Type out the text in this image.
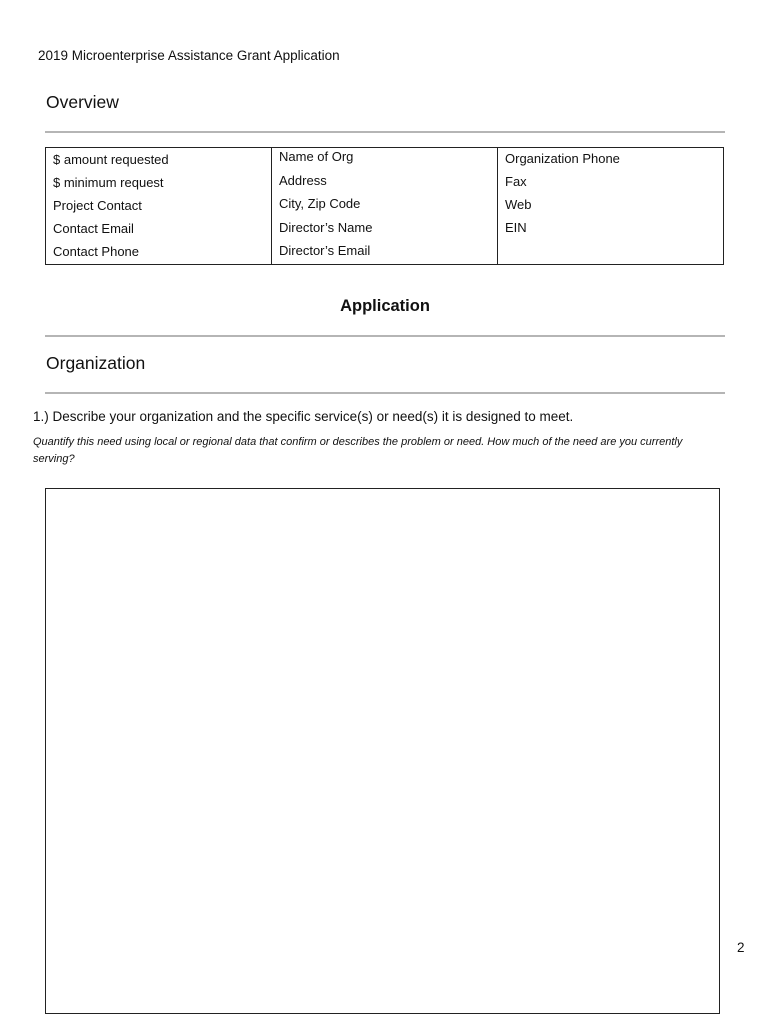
2019 Microenterprise Assistance Grant Application
Overview
$ amount requested
$ minimum request
Project Contact
Contact Email
Contact Phone
Name of Org
Address
City, Zip Code
Director’s Name
Director’s Email
Organization Phone
Fax
Web
EIN
Application
Organization
1.) Describe your organization and the specific service(s) or need(s) it is designed to meet.
Quantify this need using local or regional data that confirm or describes the problem or need. How much of the need are you currently serving?
2
